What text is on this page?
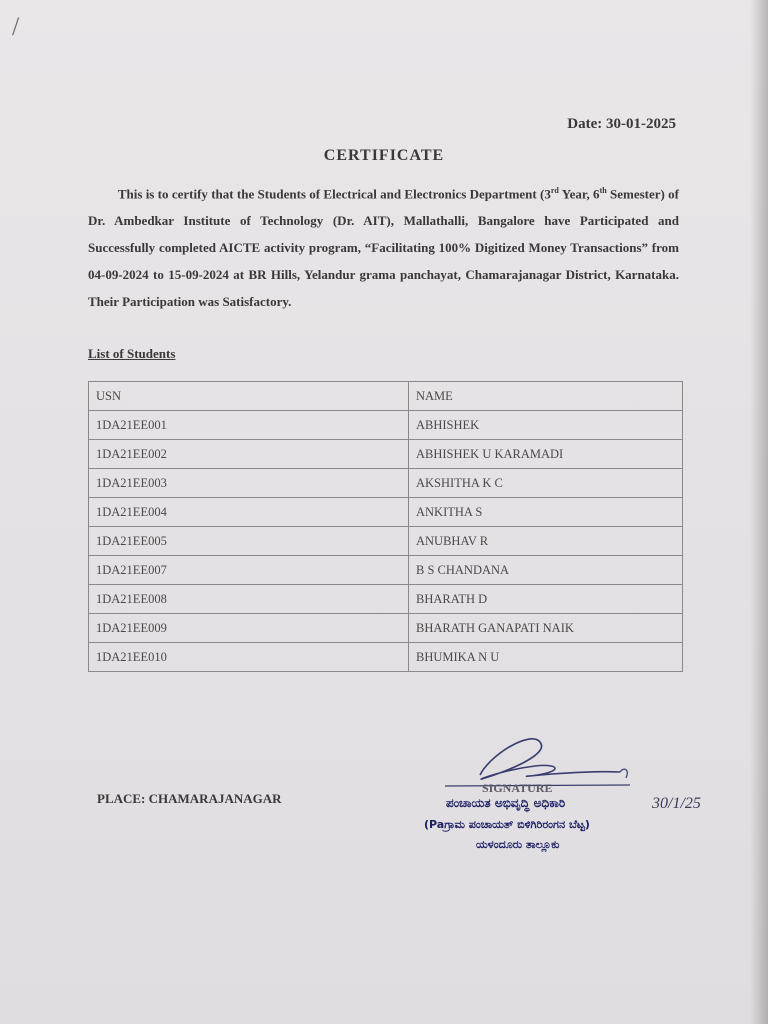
/
Date: 30-01-2025
CERTIFICATE
This is to certify that the Students of Electrical and Electronics Department (3rd Year, 6th Semester) of Dr. Ambedkar Institute of Technology (Dr. AIT), Mallathalli, Bangalore have Participated and Successfully completed AICTE activity program, “Facilitating 100% Digitized Money Transactions” from 04-09-2024 to 15-09-2024 at BR Hills, Yelandur grama panchayat, Chamarajanagar District, Karnataka. Their Participation was Satisfactory.
List of Students
USN	NAME
1DA21EE001	ABHISHEK
1DA21EE002	ABHISHEK U KARAMADI
1DA21EE003	AKSHITHA K C
1DA21EE004	ANKITHA S
1DA21EE005	ANUBHAV R
1DA21EE007	B S CHANDANA
1DA21EE008	BHARATH D
1DA21EE009	BHARATH GANAPATI NAIK
1DA21EE010	BHUMIKA N U
PLACE: CHAMARAJANAGAR
SIGNATURE
ಪಂಚಾಯತ ಅಭಿವೃದ್ಧಿ ಅಧಿಕಾರಿ
(Paಗ್ರಾಮ ಪಂಚಾಯತ್ ಬಿಳಿಗಿರಿರಂಗನ ಬೆಟ್ಟ)
ಯಳಂದೂರು ತಾಲ್ಲೂಕು
30/1/25
